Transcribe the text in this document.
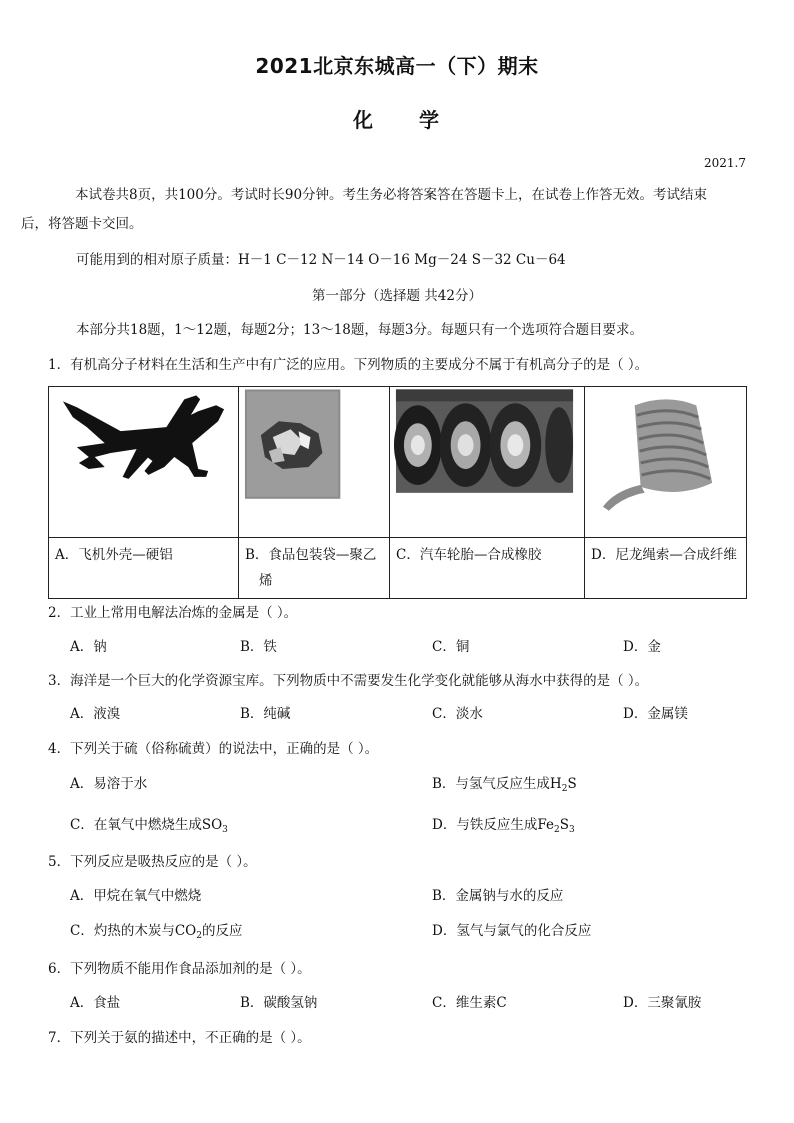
2021北京东城高一（下）期末
化 学
2021.7
本试卷共8页，共100分。考试时长90分钟。考生务必将答案答在答题卡上，在试卷上作答无效。考试结束
后，将答题卡交回。
可能用到的相对原子质量：H－1 C－12 N－14 O－16 Mg－24 S－32 Cu－64
第一部分（选择题 共42分）
本部分共18题，1～12题，每题2分；13～18题，每题3分。每题只有一个选项符合题目要求。
1．有机高分子材料在生活和生产中有广泛的应用。下列物质的主要成分不属于有机高分子的是（ ）。

A．飞机外壳—硬铝	B．食品包装袋—聚乙烯	C．汽车轮胎—合成橡胶	D．尼龙绳索—合成纤维
2．工业上常用电解法冶炼的金属是（ ）。
A．钠	B．铁	C．铜	D．金
3．海洋是一个巨大的化学资源宝库。下列物质中不需要发生化学变化就能够从海水中获得的是（ ）。
A．液溴	B．纯碱	C．淡水	D．金属镁
4．下列关于硫（俗称硫黄）的说法中，正确的是（ ）。
A．易溶于水	B．与氢气反应生成$H_2S$
C．在氧气中燃烧生成$SO_3$	D．与铁反应生成$Fe_2S_3$
5．下列反应是吸热反应的是（ ）。
A．甲烷在氧气中燃烧	B．金属钠与水的反应
C．灼热的木炭与$CO_2$的反应	D．氢气与氯气的化合反应
6．下列物质不能用作食品添加剂的是（ ）。
A．食盐	B．碳酸氢钠	C．维生素C	D．三聚氰胺
7．下列关于氨的描述中，不正确的是（ ）。
